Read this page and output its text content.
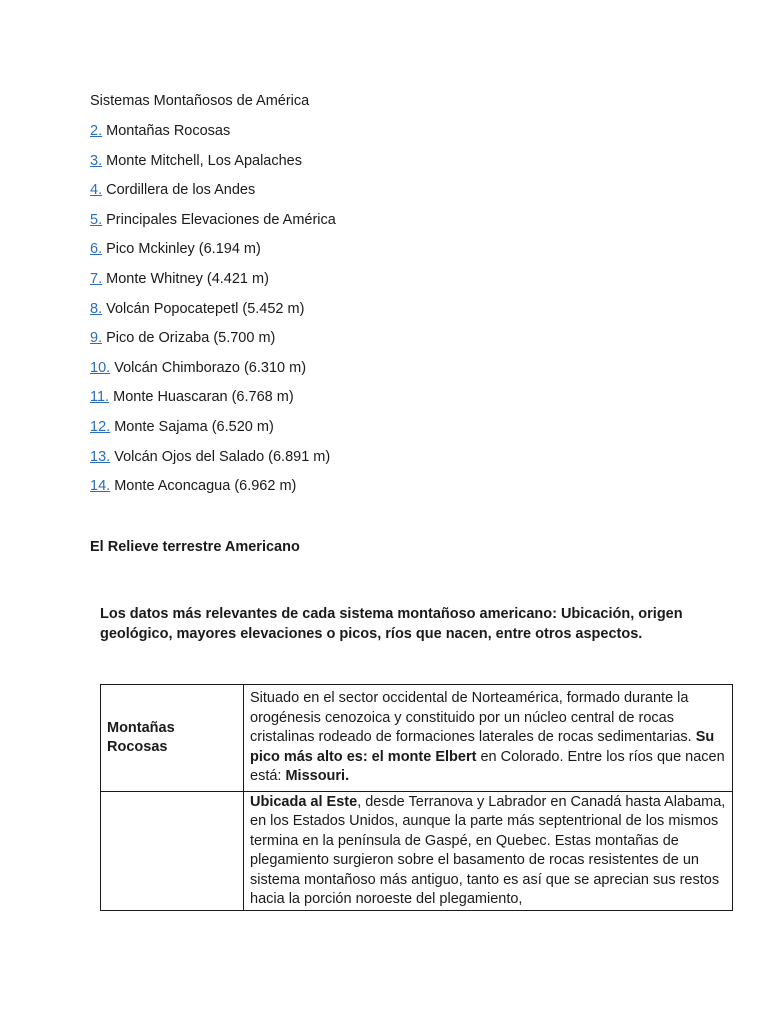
Sistemas Montañosos de América
2. Montañas Rocosas
3. Monte Mitchell, Los Apalaches
4. Cordillera de los Andes
5. Principales Elevaciones de América
6. Pico Mckinley (6.194 m)
7. Monte Whitney (4.421 m)
8. Volcán Popocatepetl (5.452 m)
9. Pico de Orizaba (5.700 m)
10. Volcán Chimborazo (6.310 m)
11. Monte Huascaran (6.768 m)
12. Monte Sajama (6.520 m)
13. Volcán Ojos del Salado (6.891 m)
14. Monte Aconcagua (6.962 m)
El Relieve terrestre Americano

Los datos más relevantes de cada sistema montañoso americano: Ubicación, origen geológico, mayores elevaciones o picos, ríos que nacen, entre otros aspectos.

Montañas Rocosas	Situado en el sector occidental de Norteamérica, formado durante la orogénesis cenozoica y constituido por un núcleo central de rocas cristalinas rodeado de formaciones laterales de rocas sedimentarias. Su pico más alto es: el monte Elbert en Colorado. Entre los ríos que nacen está: Missouri.
	Ubicada al Este, desde Terranova y Labrador en Canadá hasta Alabama, en los Estados Unidos, aunque la parte más septentrional de los mismos termina en la península de Gaspé, en Quebec. Estas montañas de plegamiento surgieron sobre el basamento de rocas resistentes de un sistema montañoso más antiguo, tanto es así que se aprecian sus restos hacia la porción noroeste del plegamiento,
